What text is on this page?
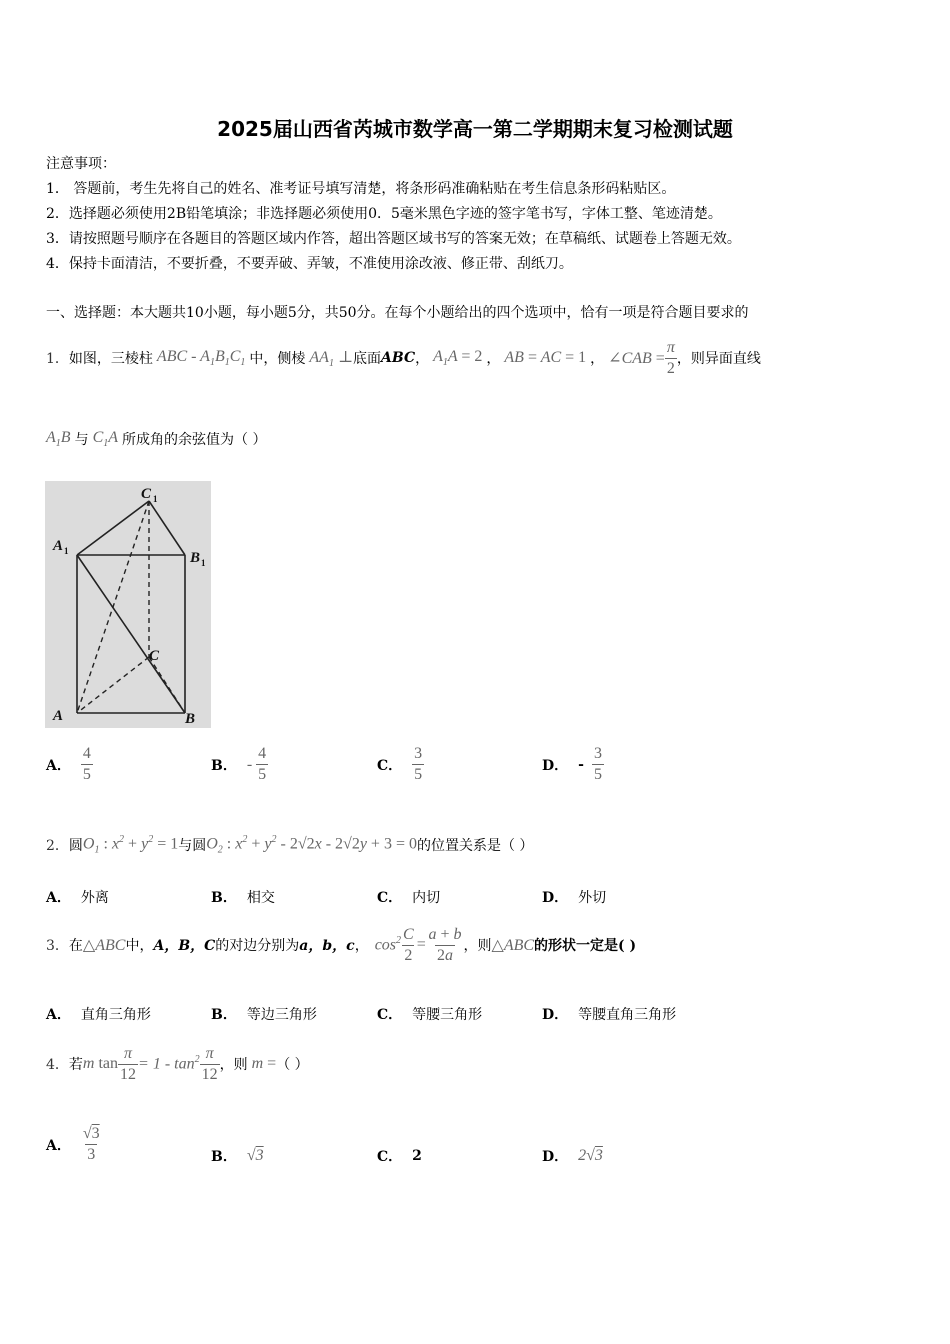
2025届山西省芮城市数学高一第二学期期末复习检测试题
注意事项：
1． 答题前，考生先将自己的姓名、准考证号填写清楚，将条形码准确粘贴在考生信息条形码粘贴区。
2．选择题必须使用2B铅笔填涂；非选择题必须使用0．5毫米黑色字迹的签字笔书写，字体工整、笔迹清楚。
3．请按照题号顺序在各题目的答题区域内作答，超出答题区域书写的答案无效；在草稿纸、试题卷上答题无效。
4．保持卡面清洁，不要折叠，不要弄破、弄皱，不准使用涂改液、修正带、刮纸刀。
一、选择题：本大题共10小题，每小题5分，共50分。在每个小题给出的四个选项中，恰有一项是符合题目要求的
1． 如图，三棱柱 ABC - $A_1B_1C_1$ 中，侧棱 $AA_1$ ⊥ 底面 ABC ， $A_1A = 2$ ， AB = AC = 1 ， ∠CAB = $\frac{\pi}{2}$ ，则异面直线
$A_1B$ 与 $C_1A$ 所成角的余弦值为（ ）
C 1
A 1	B 1
C
A	B
A． $\frac{4}{5}$	B． - $\frac{4}{5}$	C． $\frac{3}{5}$	D． - $\frac{3}{5}$
2． 圆 $O_1$ : $x^2 + y^2 = 1$ 与圆 $O_2$ : $x^2 + y^2 - 2√2x - 2√2y + 3 = 0$ 的位置关系是（ ）
A． 外离	B． 相交	C． 内切	D． 外切
3． 在 △ABC 中， A，B，C 的对边分别为 a，b，c ， $\cos^2 \frac{C}{2} = \frac{a + b}{2a}$ ，则 △ABC 的形状一定是( )
A． 直角三角形	B． 等边三角形	C． 等腰三角形	D． 等腰直角三角形
4． 若 m $\tan \frac{\pi}{12} = 1 - \tan^2 \frac{\pi}{12}$ ，则 m = （ ）
A． $\frac{√3}{3}$	B． √3	C． 2	D． 2√3
